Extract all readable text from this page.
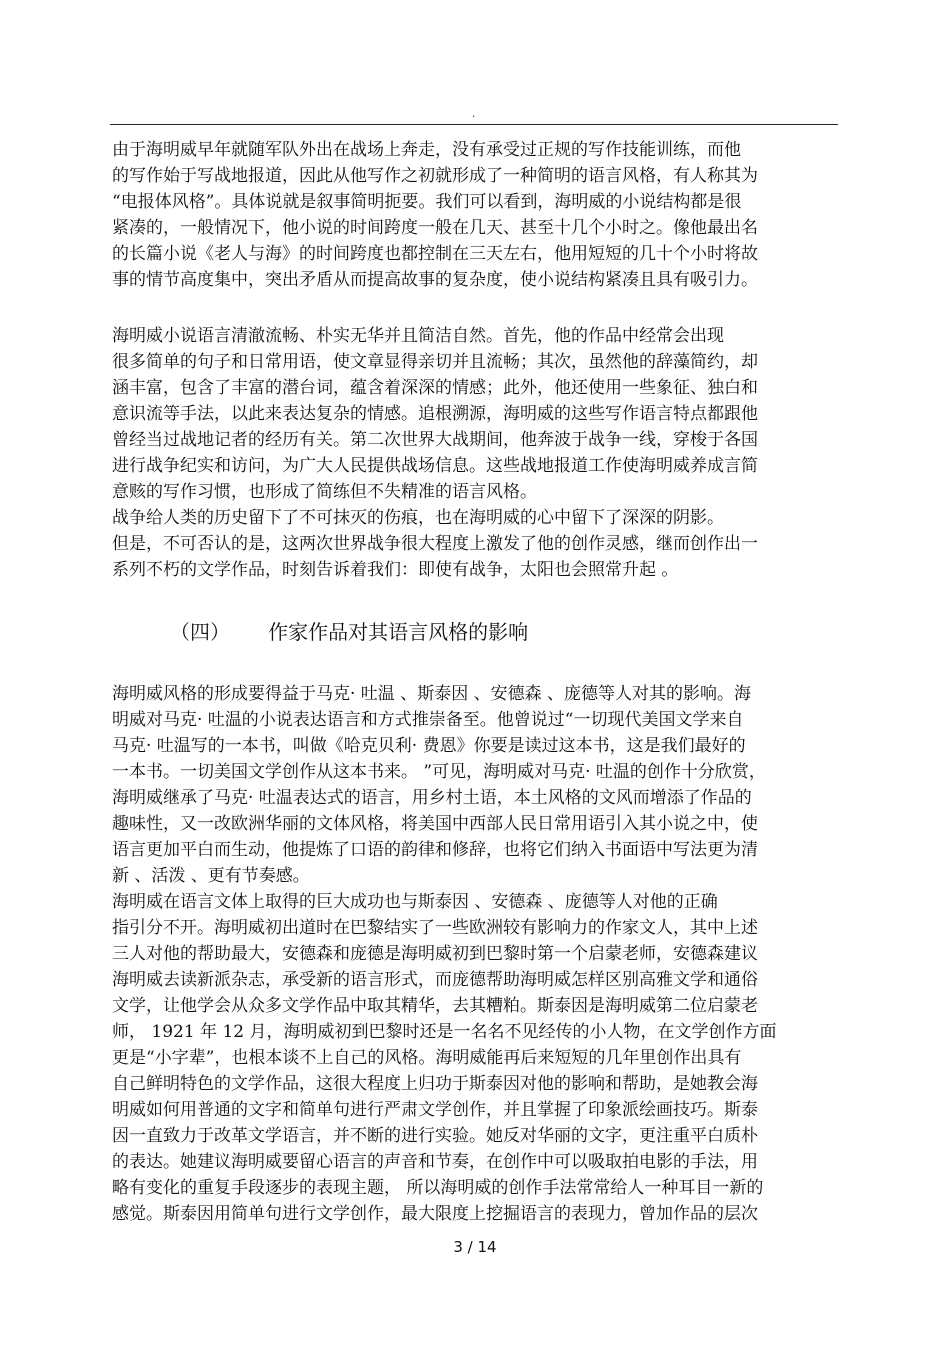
.
由于海明威早年就随军队外出在战场上奔走，没有承受过正规的写作技能训练，而他
的写作始于写战地报道，因此从他写作之初就形成了一种简明的语言风格，有人称其为
“电报体风格”。具体说就是叙事简明扼要。我们可以看到，海明威的小说结构都是很
紧凑的，一般情况下，他小说的时间跨度一般在几天、甚至十几个小时之。像他最出名
的长篇小说《老人与海》的时间跨度也都控制在三天左右，他用短短的几十个小时将故
事的情节高度集中，突出矛盾从而提高故事的复杂度，使小说结构紧凑且具有吸引力。
海明威小说语言清澈流畅、朴实无华并且简洁自然。首先，他的作品中经常会出现
很多简单的句子和日常用语，使文章显得亲切并且流畅；其次，虽然他的辞藻简约，却
涵丰富，包含了丰富的潜台词，蕴含着深深的情感；此外，他还使用一些象征、独白和
意识流等手法，以此来表达复杂的情感。追根溯源，海明威的这些写作语言特点都跟他
曾经当过战地记者的经历有关。第二次世界大战期间，他奔波于战争一线，穿梭于各国
进行战争纪实和访问，为广大人民提供战场信息。这些战地报道工作使海明威养成言简
意赅的写作习惯，也形成了简练但不失精准的语言风格。
战争给人类的历史留下了不可抹灭的伤痕，也在海明威的心中留下了深深的阴影。
但是，不可否认的是，这两次世界战争很大程度上激发了他的创作灵感，继而创作出一
系列不朽的文学作品，时刻告诉着我们：即使有战争，太阳也会照常升起 。
（四） 作家作品对其语言风格的影响
海明威风格的形成要得益于马克· 吐温 、斯泰因 、安德森 、庞德等人对其的影响。海
明威对马克· 吐温的小说表达语言和方式推崇备至。他曾说过“一切现代美国文学来自
马克· 吐温写的一本书，叫做《哈克贝利· 费恩》你要是读过这本书，这是我们最好的
一本书。一切美国文学创作从这本书来。 ”可见，海明威对马克· 吐温的创作十分欣赏，
海明威继承了马克· 吐温表达式的语言，用乡村土语，本土风格的文风而增添了作品的
趣味性，又一改欧洲华丽的文体风格，将美国中西部人民日常用语引入其小说之中，使
语言更加平白而生动，他提炼了口语的韵律和修辞，也将它们纳入书面语中写法更为清
新 、活泼 、更有节奏感。
海明威在语言文体上取得的巨大成功也与斯泰因 、安德森 、庞德等人对他的正确
指引分不开。海明威初出道时在巴黎结实了一些欧洲较有影响力的作家文人，其中上述
三人对他的帮助最大，安德森和庞德是海明威初到巴黎时第一个启蒙老师，安德森建议
海明威去读新派杂志，承受新的语言形式，而庞德帮助海明威怎样区别高雅文学和通俗
文学，让他学会从众多文学作品中取其精华，去其糟粕。斯泰因是海明威第二位启蒙老
师， 1921 年 12 月，海明威初到巴黎时还是一名名不见经传的小人物，在文学创作方面
更是“小字辈”，也根本谈不上自己的风格。海明威能再后来短短的几年里创作出具有
自己鲜明特色的文学作品，这很大程度上归功于斯泰因对他的影响和帮助，是她教会海
明威如何用普通的文字和简单句进行严肃文学创作，并且掌握了印象派绘画技巧。斯泰
因一直致力于改革文学语言，并不断的进行实验。她反对华丽的文字，更注重平白质朴
的表达。她建议海明威要留心语言的声音和节奏，在创作中可以吸取拍电影的手法，用
略有变化的重复手段逐步的表现主题， 所以海明威的创作手法常常给人一种耳目一新的
感觉。斯泰因用简单句进行文学创作，最大限度上挖掘语言的表现力，曾加作品的层次
3 / 14
